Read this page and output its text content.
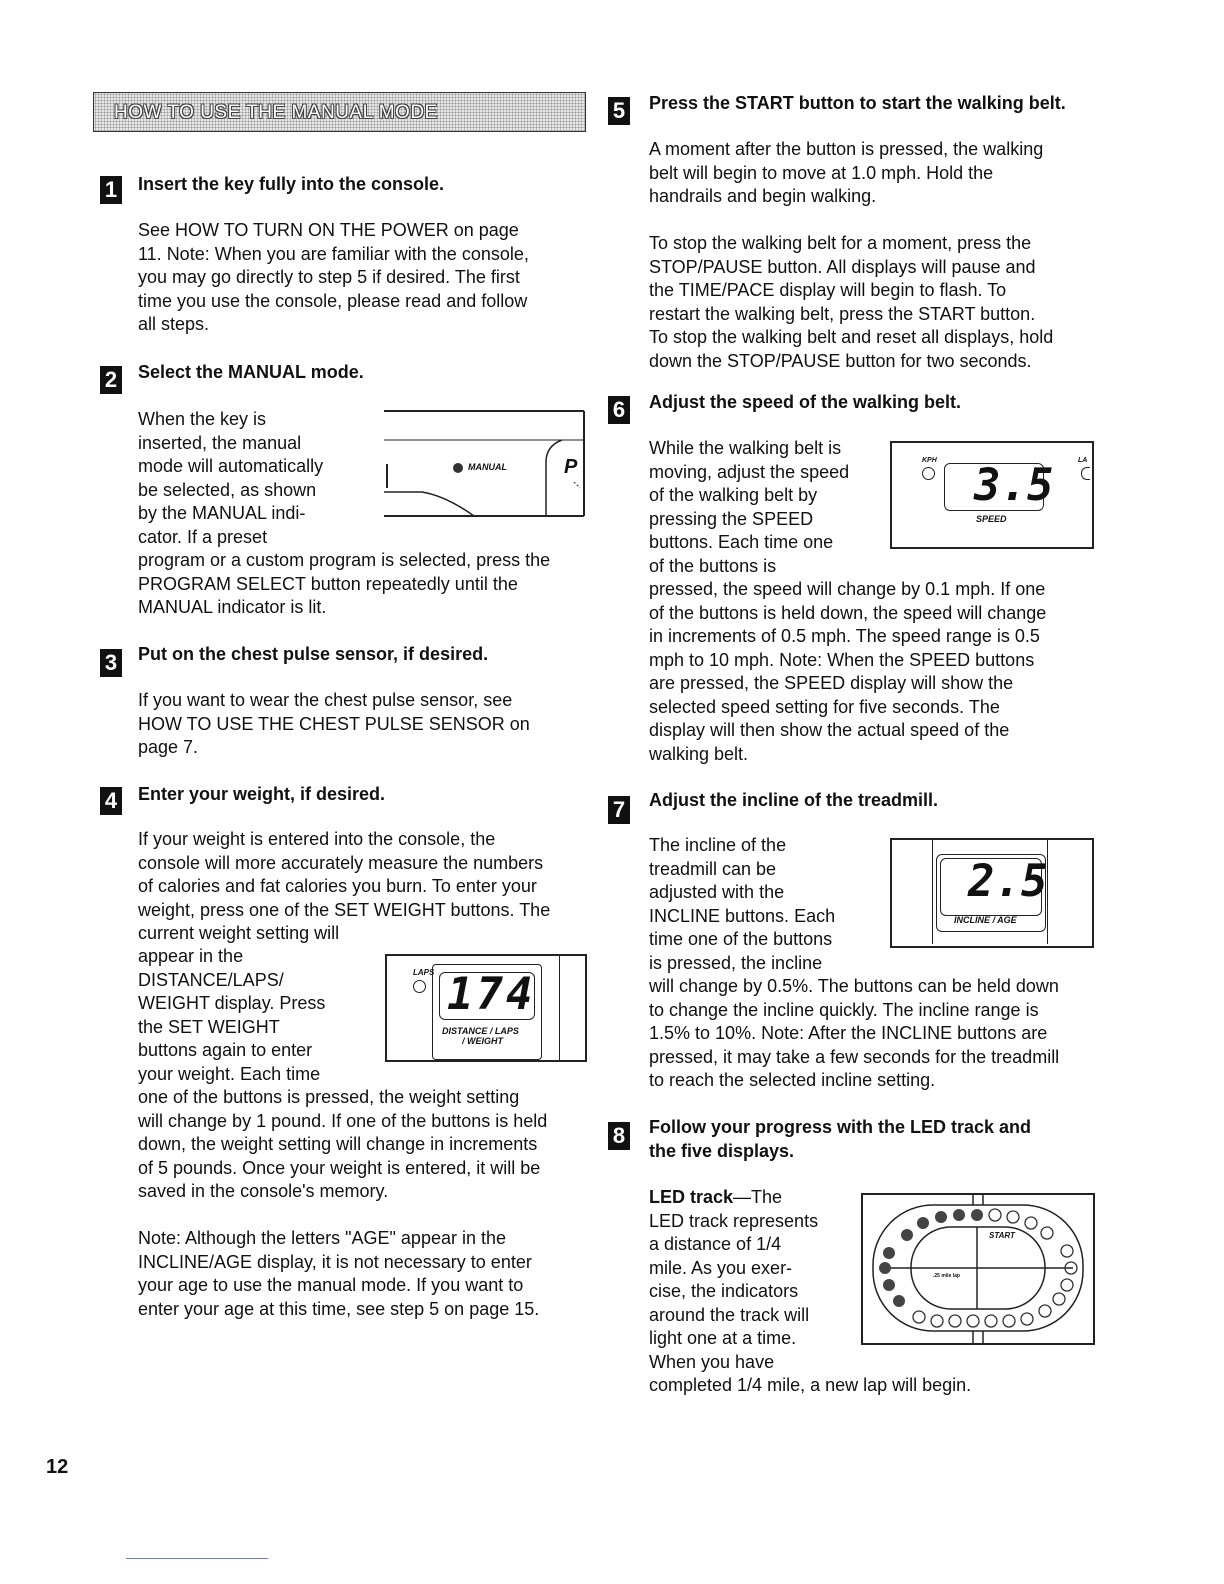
HOW TO USE THE MANUAL MODE
1 Insert the key fully into the console.

See HOW TO TURN ON THE POWER on page

11. Note: When you are familiar with the console,

you may go directly to step 5 if desired. The first

time you use the console, please read and follow

all steps.

2 Select the MANUAL mode.

When the key is

inserted, the manual

mode will automatically

be selected, as shown

by the MANUAL indi-

cator. If a preset

program or a custom program is selected, press the

PROGRAM SELECT button repeatedly until the

MANUAL indicator is lit.

MANUAL	P
3 Put on the chest pulse sensor, if desired.

If you want to wear the chest pulse sensor, see

HOW TO USE THE CHEST PULSE SENSOR on

page 7.

4 Enter your weight, if desired.

If your weight is entered into the console, the

console will more accurately measure the numbers

of calories and fat calories you burn. To enter your

weight, press one of the SET WEIGHT buttons. The

current weight setting will

appear in the

DISTANCE/LAPS/

WEIGHT display. Press

the SET WEIGHT

buttons again to enter

your weight. Each time

one of the buttons is pressed, the weight setting

will change by 1 pound. If one of the buttons is held

down, the weight setting will change in increments

of 5 pounds. Once your weight is entered, it will be

saved in the console's memory.

Note: Although the letters "AGE" appear in the

INCLINE/AGE display, it is not necessary to enter

your age to use the manual mode. If you want to

enter your age at this time, see step 5 on page 15.

LAPS 174
DISTANCE / LAPS
/ WEIGHT
5 Press the START button to start the walking belt.

A moment after the button is pressed, the walking

belt will begin to move at 1.0 mph. Hold the

handrails and begin walking.

To stop the walking belt for a moment, press the

STOP/PAUSE button. All displays will pause and

the TIME/PACE display will begin to flash. To

restart the walking belt, press the START button.

To stop the walking belt and reset all displays, hold

down the STOP/PAUSE button for two seconds.

6 Adjust the speed of the walking belt.

While the walking belt is

moving, adjust the speed

of the walking belt by

pressing the SPEED

buttons. Each time one

of the buttons is

pressed, the speed will change by 0.1 mph. If one

of the buttons is held down, the speed will change

in increments of 0.5 mph. The speed range is 0.5

mph to 10 mph. Note: When the SPEED buttons

are pressed, the SPEED display will show the

selected speed setting for five seconds. The

display will then show the actual speed of the

walking belt.

KPH 3.5
SPEED
LA
7 Adjust the incline of the treadmill.

The incline of the

treadmill can be

adjusted with the

INCLINE buttons. Each

time one of the buttons

is pressed, the incline

will change by 0.5%. The buttons can be held down

to change the incline quickly. The incline range is

1.5% to 10%. Note: After the INCLINE buttons are

pressed, it may take a few seconds for the treadmill

to reach the selected incline setting.

2.5
INCLINE / AGE
8 Follow your progress with the LED track and
the five displays.

LED track—The

LED track represents

a distance of 1/4

mile. As you exer-

cise, the indicators

around the track will

light one at a time.

When you have

completed 1/4 mile, a new lap will begin.

START
.25 mile lap
12
